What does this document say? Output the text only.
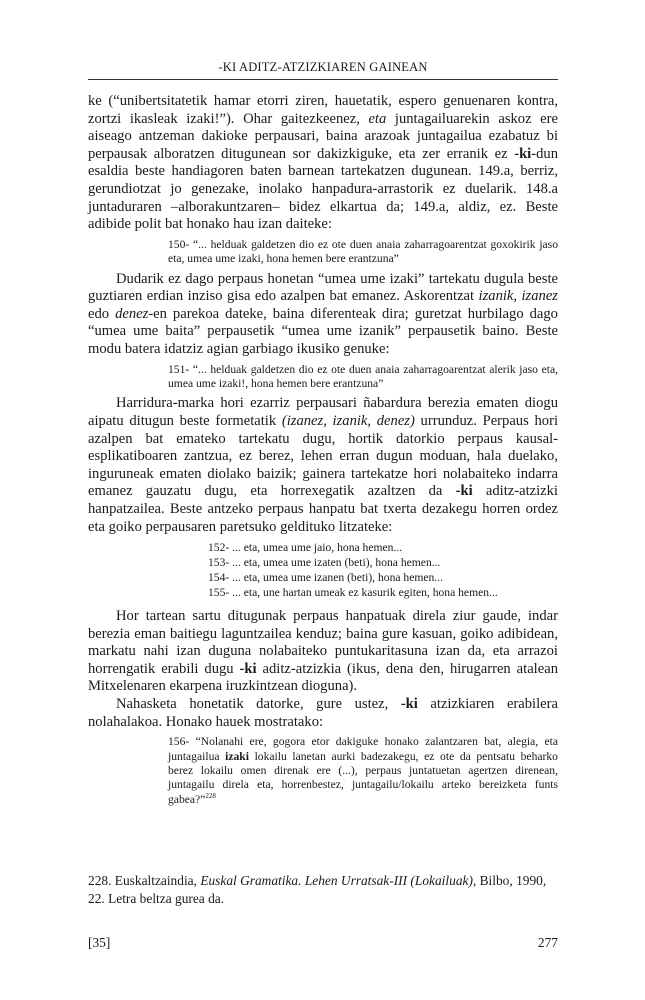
-KI ADITZ-ATZIZKIAREN GAINEAN

ke (“unibertsitatetik hamar etorri ziren, hauetatik, espero genuenaren kontra, zortzi ikasleak izaki!”). Ohar gaitezkeenez, eta juntagailuarekin askoz ere aiseago antzeman dakioke perpausari, baina arazoak juntagailua ezabatuz bi perpausak alboratzen ditugunean sor dakizkiguke, eta zer erranik ez -ki-dun esaldia beste handiagoren baten barnean tartekatzen dugunean. 149.a, berriz, gerundiotzat jo genezake, inolako hanpadura-arrastorik ez duelarik. 148.a juntaduraren –alborakuntzaren– bidez elkartua da; 149.a, aldiz, ez. Beste adibide polit bat honako hau izan daiteke:

150- “... helduak galdetzen dio ez ote duen anaia zaharragoarentzat goxokirik jaso eta, umea ume izaki, hona hemen bere erantzuna”

Dudarik ez dago perpaus honetan “umea ume izaki” tartekatu dugula beste guztiaren erdian inziso gisa edo azalpen bat emanez. Askorentzat izanik, izanez edo denez-en parekoa dateke, baina diferenteak dira; guretzat hurbilago dago “umea ume baita” perpausetik “umea ume izanik” perpausetik baino. Beste modu batera idatziz agian garbiago ikusiko genuke:

151- “... helduak galdetzen dio ez ote duen anaia zaharragoarentzat alerik jaso eta, umea ume izaki!, hona hemen bere erantzuna”

Harridura-marka hori ezarriz perpausari ñabardura berezia ematen diogu aipatu ditugun beste formetatik (izanez, izanik, denez) urrunduz. Perpaus hori azalpen bat emateko tartekatu dugu, hortik datorkio perpaus kausal-esplikatiboaren zantzua, ez berez, lehen erran dugun moduan, hala duelako, inguruneak ematen diolako baizik; gainera tartekatze hori nolabaiteko indarra emanez gauzatu dugu, eta horrexegatik azaltzen da -ki aditz-atzizki hanpatzailea. Beste antzeko perpaus hanpatu bat txerta dezakegu horren ordez eta goiko perpausaren paretsuko gelditukо litzateke:

152- ... eta, umea ume jaio, hona hemen...
153- ... eta, umea ume izaten (beti), hona hemen...
154- ... eta, umea ume izanen (beti), hona hemen...
155- ... eta, une hartan umeak ez kasurik egiten, hona hemen...

Hor tartean sartu ditugunak perpaus hanpatuak direla ziur gaude, indar berezia eman baitiegu laguntzailea kenduz; baina gure kasuan, goiko adibidean, markatu nahi izan duguna nolabaiteko puntukaritasuna izan da, eta arrazoi horrengatik erabili dugu -ki aditz-atzizkia (ikus, dena den, hirugarren atalean Mitxelenaren ekarpena iruzkintzean dioguna).

Nahasketa honetatik datorke, gure ustez, -ki atzizkiaren erabilera nolahalakoa. Honako hauek mostratako:

156- “Nolanahi ere, gogora etor dakiguke honako zalantzaren bat, alegia, eta juntagailua izaki lokailu lanetan aurki badezakegu, ez ote da pentsatu beharko berez lokailu omen direnak ere (...), perpaus juntatuetan agertzen direnean, juntagailu direla eta, horrenbestez, juntagailu/lokailu arteko bereizketa funts gabea?”$^{228}$
228. Euskaltzaindia, Euskal Gramatika. Lehen Urratsak-III (Lokailuak), Bilbo, 1990, 22. Letra beltza gurea da.
[35]	277
